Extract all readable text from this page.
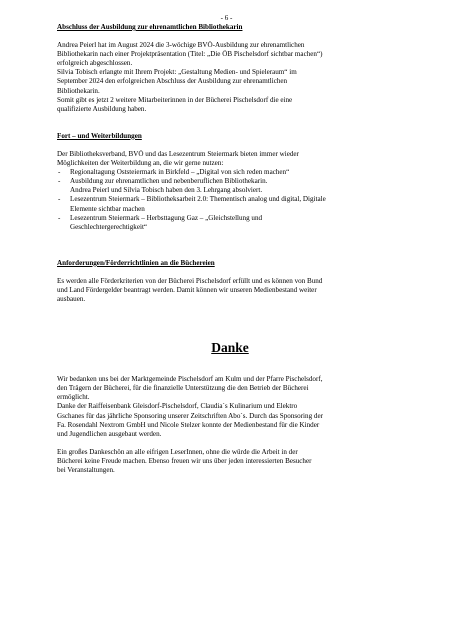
- 6 -
Abschluss der Ausbildung zur ehrenamtlichen Bibliothekarin

Andrea Peierl hat im August 2024 die 3-wöchige BVÖ-Ausbildung zur ehrenamtlichen
Bibliothekarin nach einer Projektpräsentation (Titel: „Die ÖB Pischelsdorf sichtbar machen“)
erfolgreich abgeschlossen.
Silvia Tobisch erlangte mit Ihrem Projekt: „Gestaltung Medien- und Spieleraum“ im
September 2024 den erfolgreichen Abschluss der Ausbildung zur ehrenamtlichen
Bibliothekarin.
Somit gibt es jetzt 2 weitere Mitarbeiterinnen in der Bücherei Pischelsdorf die eine
qualifizierte Ausbildung haben.

Fort – und Weiterbildungen

Der Bibliotheksverband, BVÖ und das Lesezentrum Steiermark bieten immer wieder
Möglichkeiten der Weiterbildung an, die wir gerne nutzen:

- Regionaltagung Oststeiermark in Birkfeld – „Digital von sich reden machen“
- Ausbildung zur ehrenamtlichen und nebenberuflichen Bibliothekarin.
Andrea Peierl und Silvia Tobisch haben den 3. Lehrgang absolviert.
- Lesezentrum Steiermark – Bibliotheksarbeit 2.0: Thementisch analog und digital, Digitale
Elemente sichtbar machen
- Lesezentrum Steiermark – Herbsttagung Gaz – „Gleichstellung und
Geschlechtergerechtigkeit“
Anforderungen/Förderrichtlinien an die Büchereien

Es werden alle Förderkriterien von der Bücherei Pischelsdorf erfüllt und es können von Bund
und Land Fördergelder beantragt werden. Damit können wir unseren Medienbestand weiter
ausbauen.

Danke

Wir bedanken uns bei der Marktgemeinde Pischelsdorf am Kulm und der Pfarre Pischelsdorf,
den Trägern der Bücherei, für die finanzielle Unterstützung die den Betrieb der Bücherei
ermöglicht.
Danke der Raiffeisenbank Gleisdorf-Pischelsdorf, Claudia`s Kulinarium und Elektro
Gschanes für das jährliche Sponsoring unserer Zeitschriften Abo`s. Durch das Sponsoring der
Fa. Rosendahl Nextrom GmbH und Nicole Stelzer konnte der Medienbestand für die Kinder
und Jugendlichen ausgebaut werden.

Ein großes Dankeschön an alle eifrigen LeserInnen, ohne die würde die Arbeit in der
Bücherei keine Freude machen. Ebenso freuen wir uns über jeden interessierten Besucher
bei Veranstaltungen.
